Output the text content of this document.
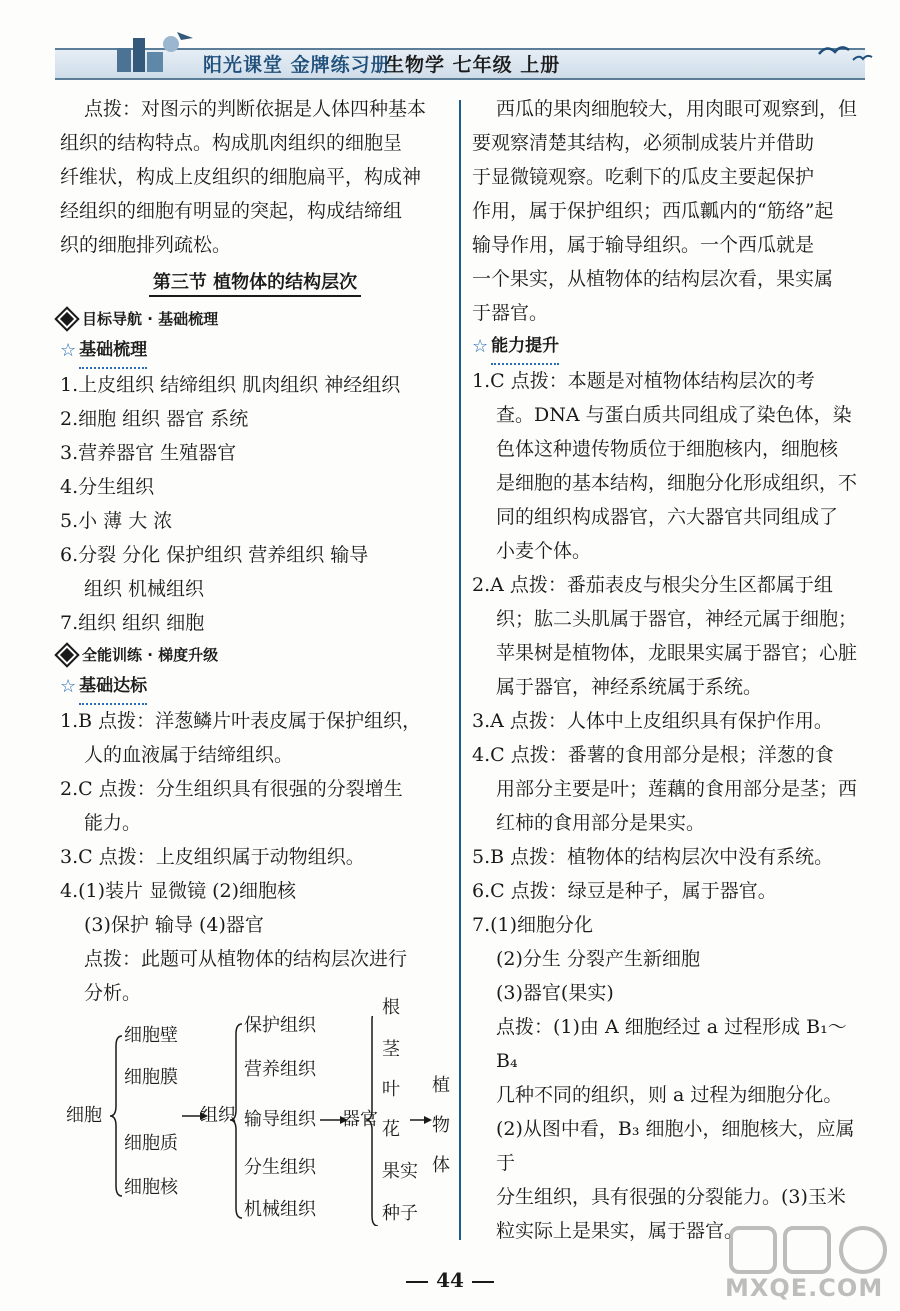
阳光课堂 金牌练习册
生物学 七年级 上册

点拨：对图示的判断依据是人体四种基本

组织的结构特点。构成肌肉组织的细胞呈

纤维状，构成上皮组织的细胞扁平，构成神

经组织的细胞有明显的突起，构成结缔组

织的细胞排列疏松。

第三节 植物体的结构层次
目标导航 · 基础梳理
☆ 基础梳理

1.上皮组织 结缔组织 肌肉组织 神经组织

2.细胞 组织 器官 系统

3.营养器官 生殖器官

4.分生组织

5.小 薄 大 浓

6.分裂 分化 保护组织 营养组织 输导

组织 机械组织

7.组织 组织 细胞

全能训练 · 梯度升级
☆ 基础达标

1.B 点拨：洋葱鳞片叶表皮属于保护组织，

人的血液属于结缔组织。

2.C 点拨：分生组织具有很强的分裂增生

能力。

3.C 点拨：上皮组织属于动物组织。

4.(1)装片 显微镜 (2)细胞核

(3)保护 输导 (4)器官

点拨：此题可从植物体的结构层次进行

分析。

细胞
细胞壁
细胞膜
细胞质
细胞核
组织
保护组织
营养组织
输导组织
分生组织
机械组织
器官
根
茎
叶
花
果实
种子
植
物
体

西瓜的果肉细胞较大，用肉眼可观察到，但

要观察清楚其结构，必须制成装片并借助

于显微镜观察。吃剩下的瓜皮主要起保护

作用，属于保护组织；西瓜瓤内的“筋络”起

输导作用，属于输导组织。一个西瓜就是

一个果实，从植物体的结构层次看，果实属

于器官。

☆ 能力提升

1.C 点拨：本题是对植物体结构层次的考

查。DNA 与蛋白质共同组成了染色体，染

色体这种遗传物质位于细胞核内，细胞核

是细胞的基本结构，细胞分化形成组织，不

同的组织构成器官，六大器官共同组成了

小麦个体。

2.A 点拨：番茄表皮与根尖分生区都属于组

织；肱二头肌属于器官，神经元属于细胞；

苹果树是植物体，龙眼果实属于器官；心脏

属于器官，神经系统属于系统。

3.A 点拨：人体中上皮组织具有保护作用。

4.C 点拨：番薯的食用部分是根；洋葱的食

用部分主要是叶；莲藕的食用部分是茎；西

红柿的食用部分是果实。

5.B 点拨：植物体的结构层次中没有系统。

6.C 点拨：绿豆是种子，属于器官。

7.(1)细胞分化

(2)分生 分裂产生新细胞

(3)器官(果实)

点拨：(1)由 A 细胞经过 a 过程形成 B₁～B₄

几种不同的组织，则 a 过程为细胞分化。

(2)从图中看，B₃ 细胞小，细胞核大，应属于

分生组织，具有很强的分裂能力。(3)玉米

粒实际上是果实，属于器官。

44	MXQE.COM
